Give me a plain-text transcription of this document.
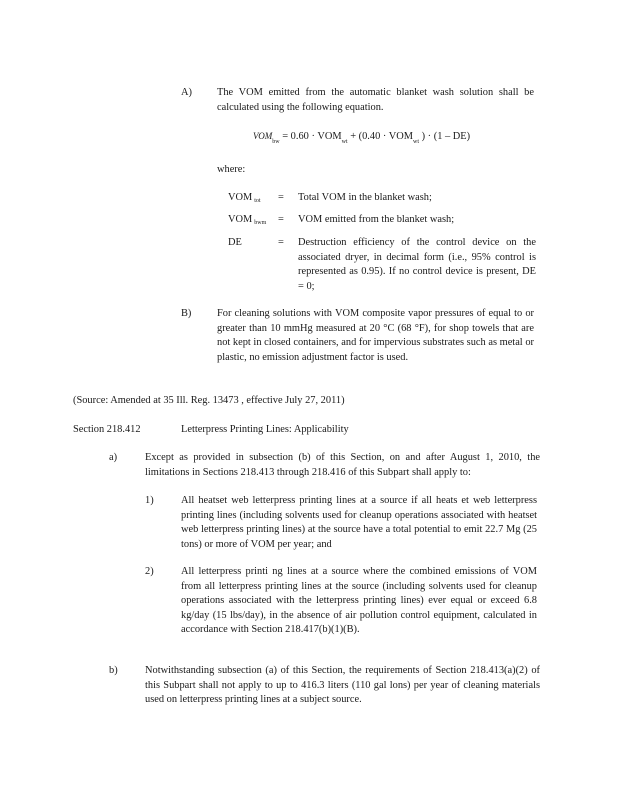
A) The VOM emitted from the automatic blanket wash solution shall be calculated using the following equation.
$VOM_{bw} = 0.60 \cdot VOM_{wt} + (0.40 \cdot VOM_{wt}$ ) · (1 – DE)
where:
VOM tot = Total VOM in the blanket wash;
VOM bwm = VOM emitted from the blanket wash;
DE	= Destruction efficiency of the control device on the associated dryer, in decimal form (i.e., 95% control is represented as 0.95). If no control device is present, DE = 0;
B) For cleaning solutions with VOM composite vapor pressures of equal to or greater than 10 mmHg measured at 20 °C (68 °F), for shop towels that are not kept in closed containers, and for impervious substrates such as metal or plastic, no emission adjustment factor is used.
(Source: Amended at 35 Ill. Reg. 13473 , effective July 27, 2011)
Section 218.412	Letterpress Printing Lines: Applicability
a)	Except as provided in subsection (b) of this Section, on and after August 1, 2010, the limitations in Sections 218.413 through 218.416 of this Subpart shall apply to:
1)	All heatset web letterpress printing lines at a source if all heats et web letterpress printing lines (including solvents used for cleanup operations associated with heatset web letterpress printing lines) at the source have a total potential to emit 22.7 Mg (25 tons) or more of VOM per year; and
2)	All letterpress printi ng lines at a source where the combined emissions of VOM from all letterpress printing lines at the source (including solvents used for cleanup operations associated with the letterpress printing lines) ever equal or exceed 6.8 kg/day (15 lbs/day), in the absence of air pollution control equipment, calculated in accordance with Section 218.417(b)(1)(B).
b)	Notwithstanding subsection (a) of this Section, the requirements of Section 218.413(a)(2) of this Subpart shall not apply to up to 416.3 liters (110 gal lons) per year of cleaning materials used on letterpress printing lines at a subject source.
